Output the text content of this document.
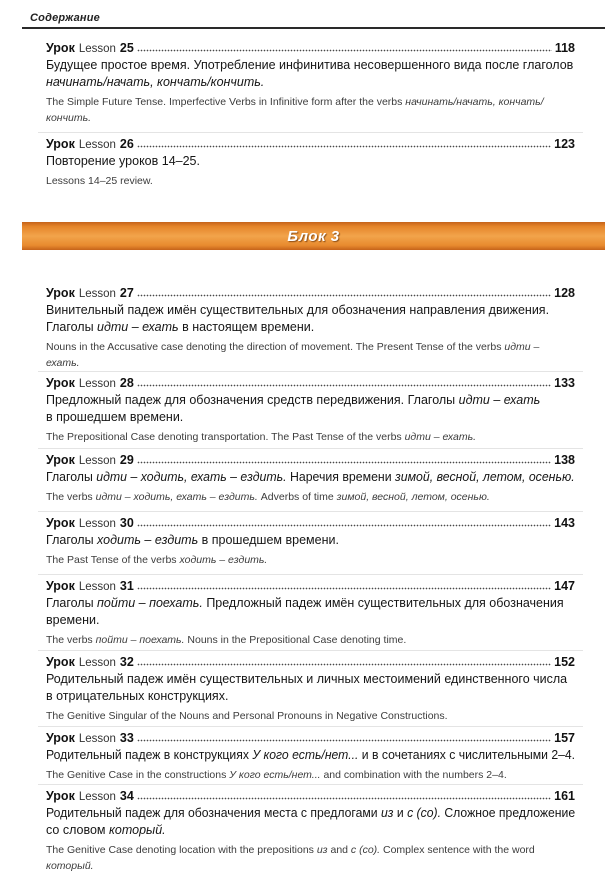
Содержание
Блок 3
Урок Lesson 25	118
Будущее простое время. Употребление инфинитива несовершенного вида после глаголов
начинать/начать, кончать/кончить.
The Simple Future Tense. Imperfective Verbs in Infinitive form after the verbs начинать/начать, кончать/
кончить.
Урок Lesson 26	123
Повторение уроков 14–25.
Lessons 14–25 review.
Урок Lesson 27	128
Винительный падеж имён существительных для обозначения направления движения.
Глаголы идти – ехать в настоящем времени.
Nouns in the Accusative case denoting the direction of movement. The Present Tense of the verbs идти –
ехать.
Урок Lesson 28	133
Предложный падеж для обозначения средств передвижения. Глаголы идти – ехать
в прошедшем времени.
The Prepositional Case denoting transportation. The Past Tense of the verbs идти – ехать.
Урок Lesson 29	138
Глаголы идти – ходить, ехать – ездить. Наречия времени зимой, весной, летом, осенью.
The verbs идти – ходить, ехать – ездить. Adverbs of time зимой, весной, летом, осенью.
Урок Lesson 30	143
Глаголы ходить – ездить в прошедшем времени.
The Past Tense of the verbs ходить – ездить.
Урок Lesson 31	147
Глаголы пойти – поехать. Предложный падеж имён существительных для обозначения
времени.
The verbs пойти – поехать. Nouns in the Prepositional Case denoting time.
Урок Lesson 32	152
Родительный падеж имён существительных и личных местоимений единственного числа
в отрицательных конструкциях.
The Genitive Singular of the Nouns and Personal Pronouns in Negative Constructions.
Урок Lesson 33	157
Родительный падеж в конструкциях У кого есть/нет... и в сочетаниях с числительными 2–4.
The Genitive Case in the constructions У кого есть/нет... and combination with the numbers 2–4.
Урок Lesson 34	161
Родительный падеж для обозначения места с предлогами из и с (со). Сложное предложение
со словом который.
The Genitive Case denoting location with the prepositions из and с (со). Complex sentence with the word
который.
